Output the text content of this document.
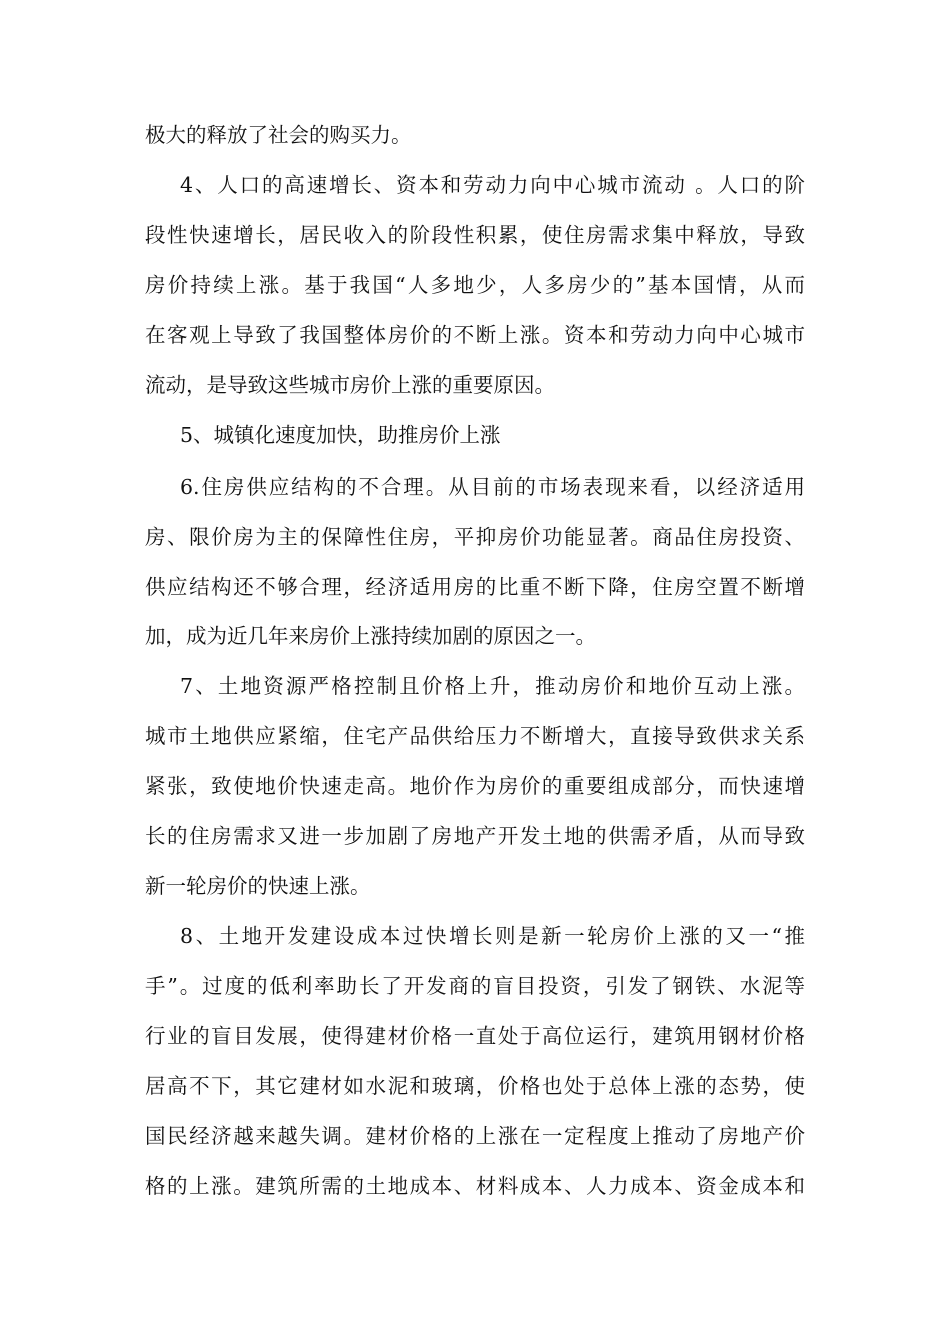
极大的释放了社会的购买力。
4、人口的高速增长、资本和劳动力向中心城市流动 。人口的阶
段性快速增长，居民收入的阶段性积累，使住房需求集中释放，导致
房价持续上涨。基于我国“人多地少，人多房少的”基本国情，从而
在客观上导致了我国整体房价的不断上涨。资本和劳动力向中心城市
流动，是导致这些城市房价上涨的重要原因。
5、城镇化速度加快，助推房价上涨
6.住房供应结构的不合理。从目前的市场表现来看，以经济适用
房、限价房为主的保障性住房，平抑房价功能显著。商品住房投资、
供应结构还不够合理，经济适用房的比重不断下降，住房空置不断增
加，成为近几年来房价上涨持续加剧的原因之一。
7、土地资源严格控制且价格上升，推动房价和地价互动上涨。
城市土地供应紧缩，住宅产品供给压力不断增大，直接导致供求关系
紧张，致使地价快速走高。地价作为房价的重要组成部分，而快速增
长的住房需求又进一步加剧了房地产开发土地的供需矛盾，从而导致
新一轮房价的快速上涨。
8、土地开发建设成本过快增长则是新一轮房价上涨的又一“推
手”。过度的低利率助长了开发商的盲目投资，引发了钢铁、水泥等
行业的盲目发展，使得建材价格一直处于高位运行，建筑用钢材价格
居高不下，其它建材如水泥和玻璃，价格也处于总体上涨的态势，使
国民经济越来越失调。建材价格的上涨在一定程度上推动了房地产价
格的上涨。建筑所需的土地成本、材料成本、人力成本、资金成本和
